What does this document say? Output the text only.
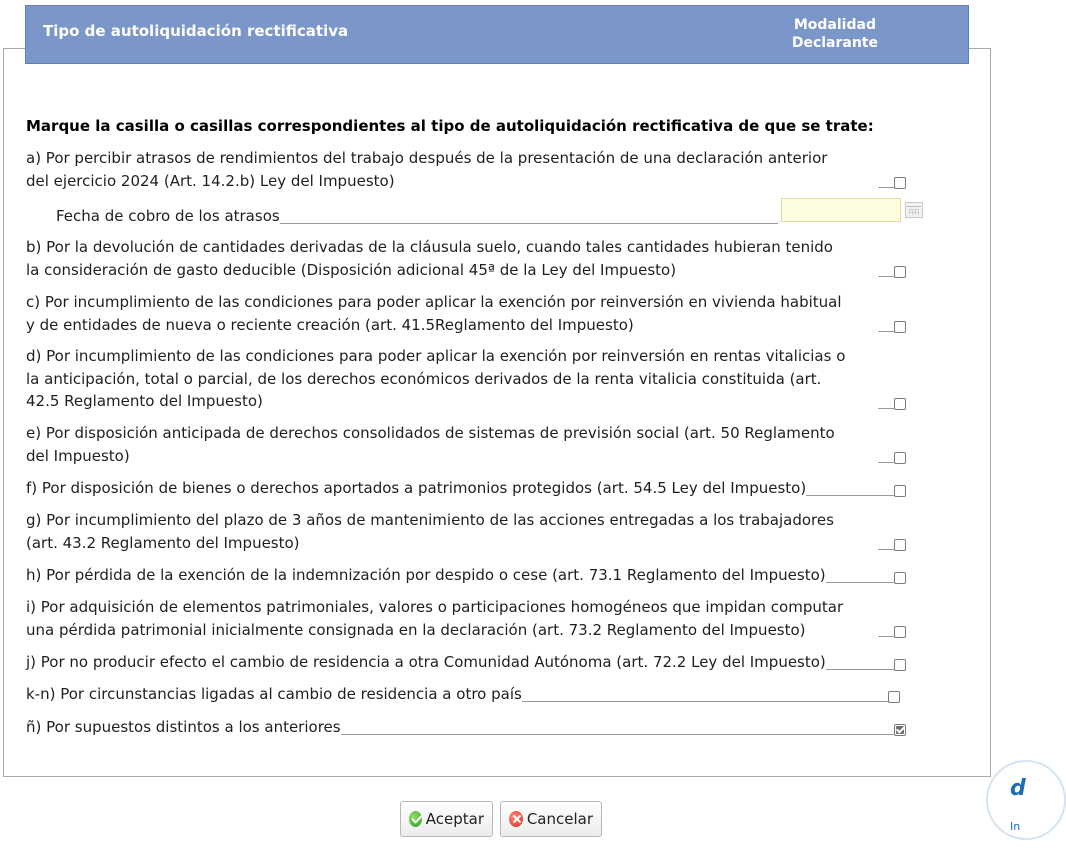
Tipo de autoliquidación rectificativa	Modalidad
Declarante
Marque la casilla o casillas correspondientes al tipo de autoliquidación rectificativa de que se trate:
a) Por percibir atrasos de rendimientos del trabajo después de la presentación de una declaración anterior del ejercicio 2024 (Art. 14.2.b) Ley del Impuesto)
Fecha de cobro de los atrasos
b) Por la devolución de cantidades derivadas de la cláusula suelo, cuando tales cantidades hubieran tenido la consideración de gasto deducible (Disposición adicional 45ª de la Ley del Impuesto)
c) Por incumplimiento de las condiciones para poder aplicar la exención por reinversión en vivienda habitual y de entidades de nueva o reciente creación (art. 41.5Reglamento del Impuesto)
d) Por incumplimiento de las condiciones para poder aplicar la exención por reinversión en rentas vitalicias o la anticipación, total o parcial, de los derechos económicos derivados de la renta vitalicia constituida (art. 42.5 Reglamento del Impuesto)
e) Por disposición anticipada de derechos consolidados de sistemas de previsión social (art. 50 Reglamento del Impuesto)
f) Por disposición de bienes o derechos aportados a patrimonios protegidos (art. 54.5 Ley del Impuesto)
g) Por incumplimiento del plazo de 3 años de mantenimiento de las acciones entregadas a los trabajadores (art. 43.2 Reglamento del Impuesto)
h) Por pérdida de la exención de la indemnización por despido o cese (art. 73.1 Reglamento del Impuesto)
i) Por adquisición de elementos patrimoniales, valores o participaciones homogéneos que impidan computar una pérdida patrimonial inicialmente consignada en la declaración (art. 73.2 Reglamento del Impuesto)
j) Por no producir efecto el cambio de residencia a otra Comunidad Autónoma (art. 72.2 Ley del Impuesto)
k-n) Por circunstancias ligadas al cambio de residencia a otro país
ñ) Por supuestos distintos a los anteriores
Aceptar	Cancelar
d
In
